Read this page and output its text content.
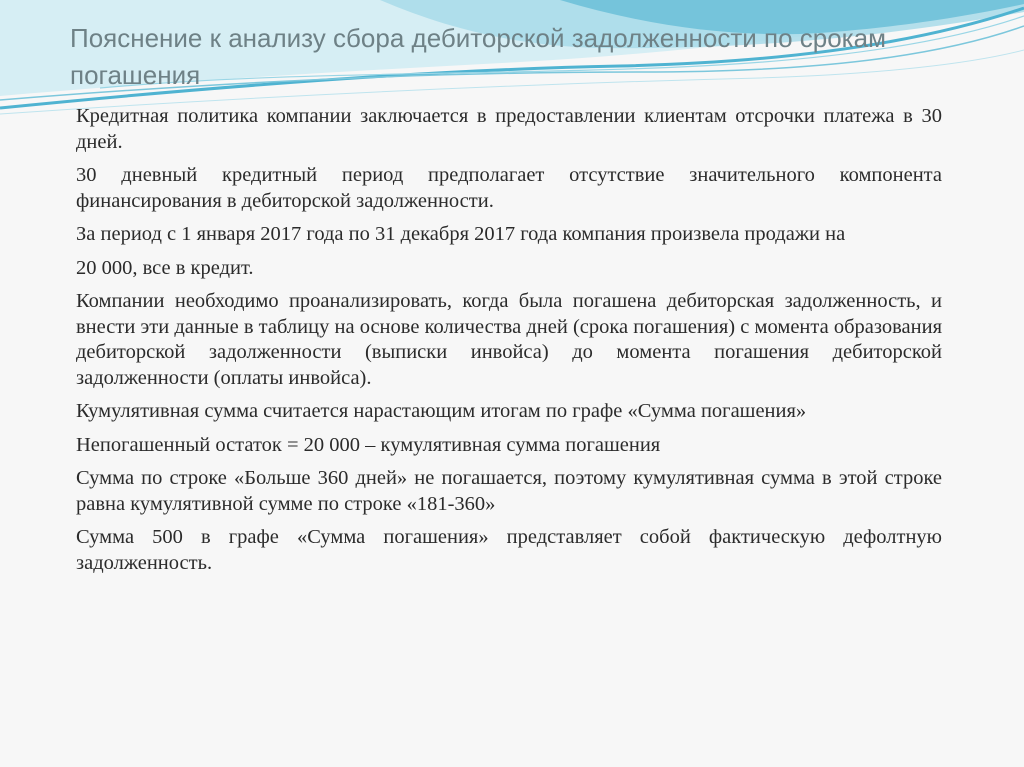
Пояснение к анализу сбора дебиторской задолженности по срокам погашения

Кредитная политика компании заключается в предоставлении клиентам отсрочки платежа в 30 дней.

30 дневный кредитный период предполагает отсутствие значительного компонента финансирования в дебиторской задолженности.

За период с 1 января 2017 года по 31 декабря 2017 года компания произвела продажи на

20 000, все в кредит.

Компании необходимо проанализировать, когда была погашена дебиторская задолженность, и внести эти данные в таблицу на основе количества дней (срока погашения) с момента образования дебиторской задолженности (выписки инвойса) до момента погашения дебиторской задолженности (оплаты инвойса).

Кумулятивная сумма считается нарастающим итогам по графе «Сумма погашения»

Непогашенный остаток = 20 000 – кумулятивная сумма погашения

Сумма по строке «Больше 360 дней» не погашается, поэтому кумулятивная сумма в этой строке равна кумулятивной сумме по строке «181-360»

Сумма 500 в графе «Сумма погашения» представляет собой фактическую дефолтную задолженность.
